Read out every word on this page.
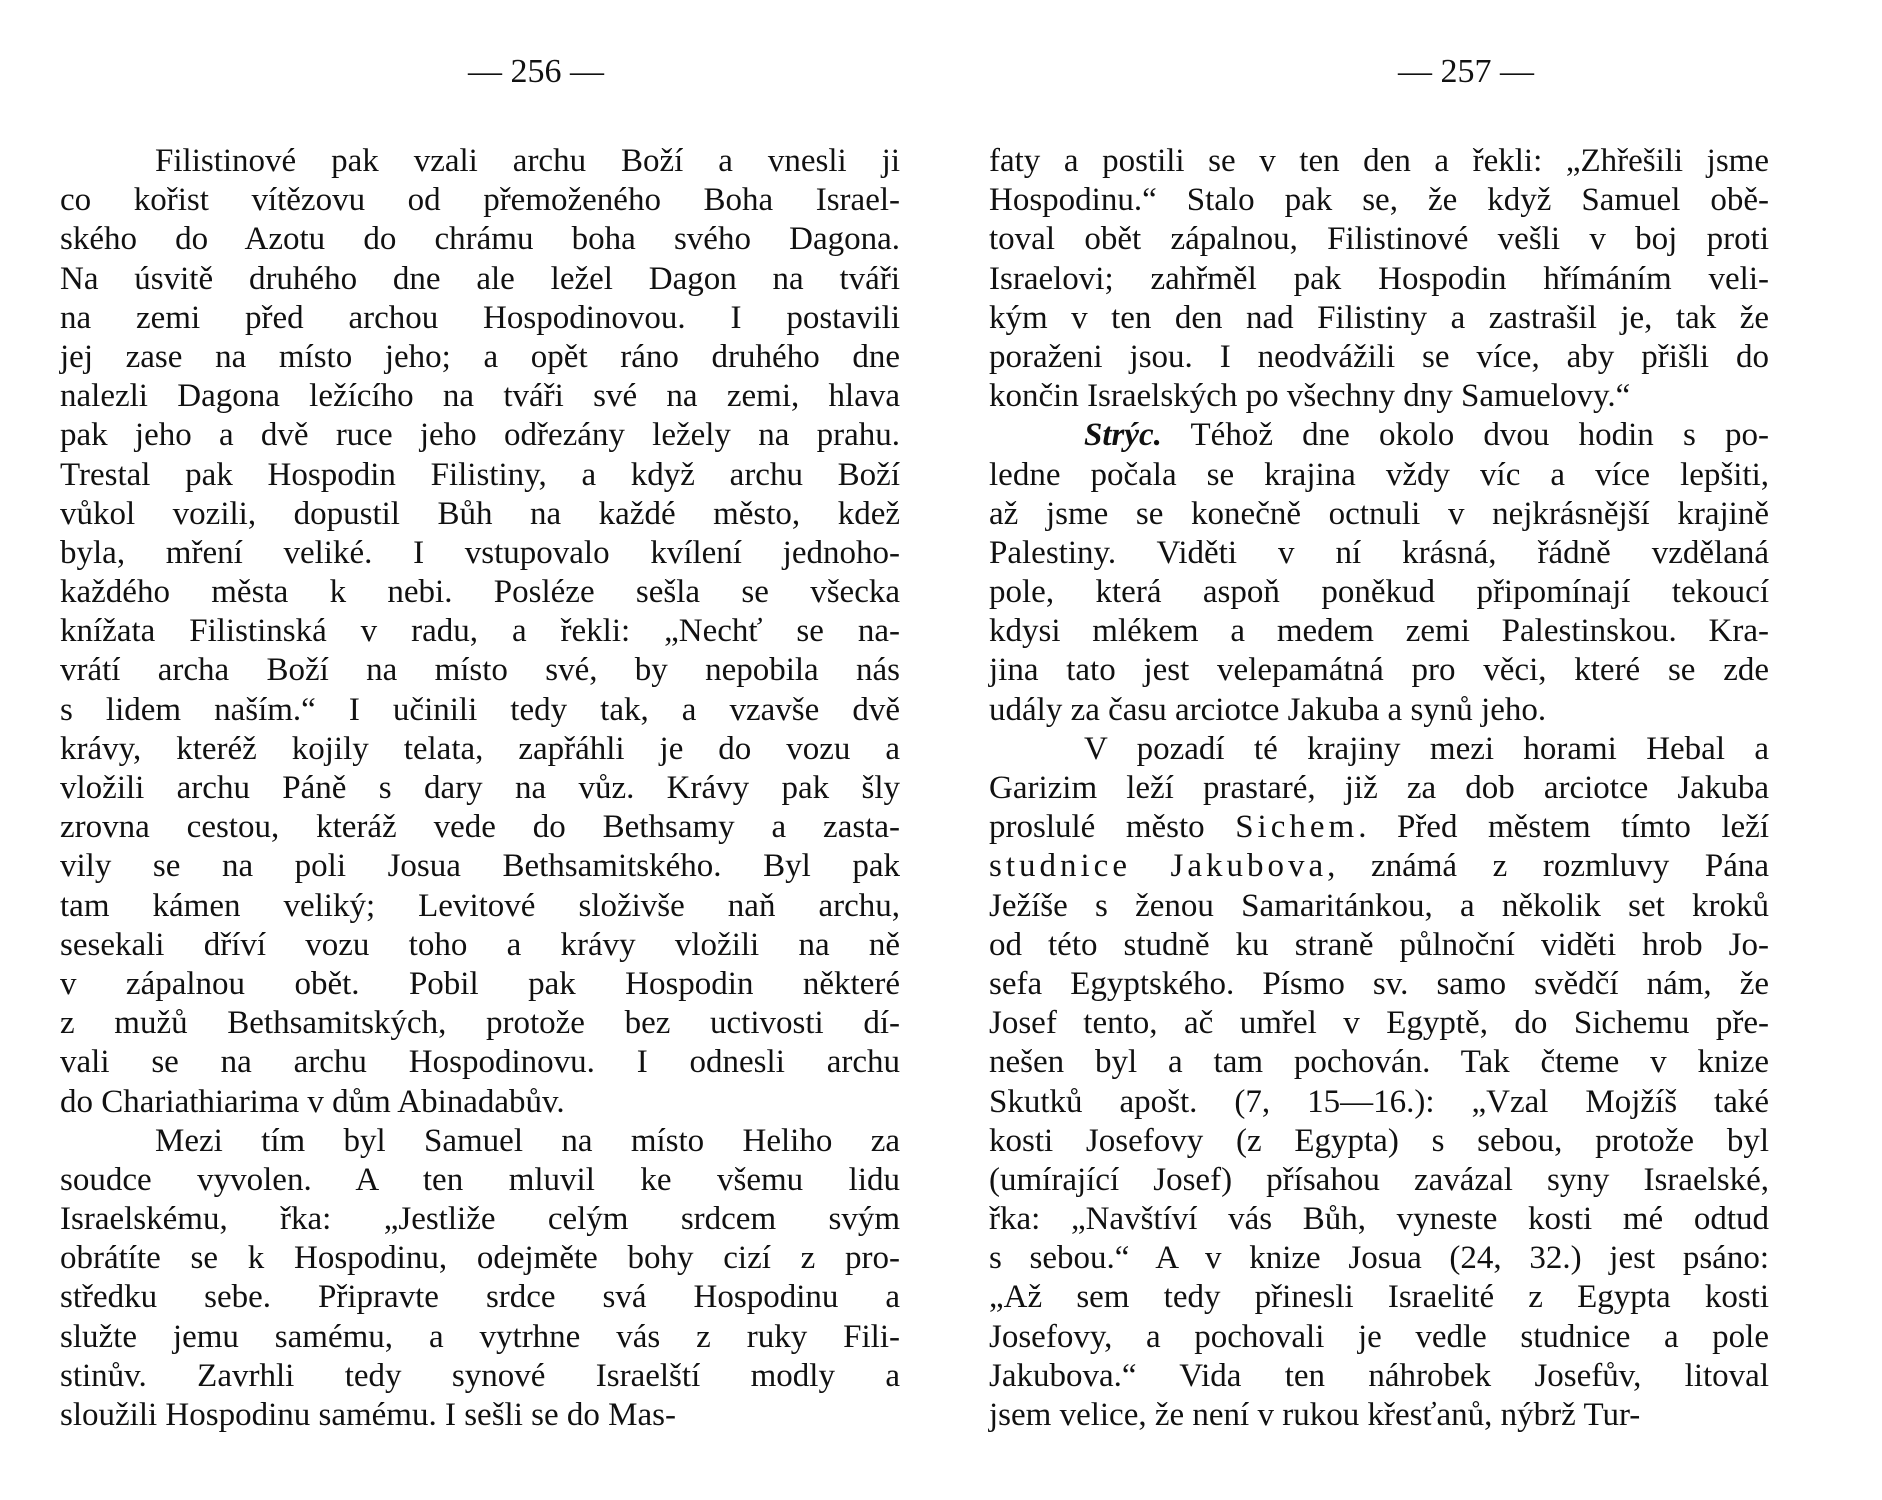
— 256 —
Filistinové pak vzali archu Boží a vnesli ji
co kořist vítězovu od přemoženého Boha Israel-
ského do Azotu do chrámu boha svého Dagona.
Na úsvitě druhého dne ale ležel Dagon na tváři
na zemi před archou Hospodinovou. I postavili
jej zase na místo jeho; a opět ráno druhého dne
nalezli Dagona ležícího na tváři své na zemi, hlava
pak jeho a dvě ruce jeho odřezány ležely na prahu.
Trestal pak Hospodin Filistiny, a když archu Boží
vůkol vozili, dopustil Bůh na každé město, kdež
byla, mření veliké. I vstupovalo kvílení jednoho-
každého města k nebi. Posléze sešla se všecka
knížata Filistinská v radu, a řekli: „Nechť se na-
vrátí archa Boží na místo své, by nepobila nás
s lidem naším.“ I učinili tedy tak, a vzavše dvě
krávy, kteréž kojily telata, zapřáhli je do vozu a
vložili archu Páně s dary na vůz. Krávy pak šly
zrovna cestou, kteráž vede do Bethsamy a zasta-
vily se na poli Josua Bethsamitského. Byl pak
tam kámen veliký; Levitové složivše naň archu,
sesekali dříví vozu toho a krávy vložili na ně
v zápalnou obět. Pobil pak Hospodin některé
z mužů Bethsamitských, protože bez uctivosti dí-
vali se na archu Hospodinovu. I odnesli archu
do Chariathiarima v dům Abinadabův.
Mezi tím byl Samuel na místo Heliho za
soudce vyvolen. A ten mluvil ke všemu lidu
Israelskému, řka: „Jestliže celým srdcem svým
obrátíte se k Hospodinu, odejměte bohy cizí z pro-
středku sebe. Připravte srdce svá Hospodinu a
služte jemu samému, a vytrhne vás z ruky Fili-
stinův. Zavrhli tedy synové Israelští modly a
sloužili Hospodinu samému. I sešli se do Mas-
— 257 —
faty a postili se v ten den a řekli: „Zhřešili jsme
Hospodinu.“ Stalo pak se, že když Samuel obě-
toval obět zápalnou, Filistinové vešli v boj proti
Israelovi; zahřměl pak Hospodin hřímáním veli-
kým v ten den nad Filistiny a zastrašil je, tak že
poraženi jsou. I neodvážili se více, aby přišli do
končin Israelských po všechny dny Samuelovy.“
Strýc. Téhož dne okolo dvou hodin s po-
ledne počala se krajina vždy víc a více lepšiti,
až jsme se konečně octnuli v nejkrásnější krajině
Palestiny. Viděti v ní krásná, řádně vzdělaná
pole, která aspoň poněkud připomínají tekoucí
kdysi mlékem a medem zemi Palestinskou. Kra-
jina tato jest velepamátná pro věci, které se zde
udály za času arciotce Jakuba a synů jeho.
V pozadí té krajiny mezi horami Hebal a
Garizim leží prastaré, již za dob arciotce Jakuba
proslulé město Sichem. Před městem tímto leží
studnice Jakubova, známá z rozmluvy Pána
Ježíše s ženou Samaritánkou, a několik set kroků
od této studně ku straně půlnoční viděti hrob Jo-
sefa Egyptského. Písmo sv. samo svědčí nám, že
Josef tento, ač umřel v Egyptě, do Sichemu pře-
nešen byl a tam pochován. Tak čteme v knize
Skutků apošt. (7, 15—16.): „Vzal Mojžíš také
kosti Josefovy (z Egypta) s sebou, protože byl
(umírající Josef) přísahou zavázal syny Israelské,
řka: „Navštíví vás Bůh, vyneste kosti mé odtud
s sebou.“ A v knize Josua (24, 32.) jest psáno:
„Až sem tedy přinesli Israelité z Egypta kosti
Josefovy, a pochovali je vedle studnice a pole
Jakubova.“ Vida ten náhrobek Josefův, litoval
jsem velice, že není v rukou křesťanů, nýbrž Tur-
